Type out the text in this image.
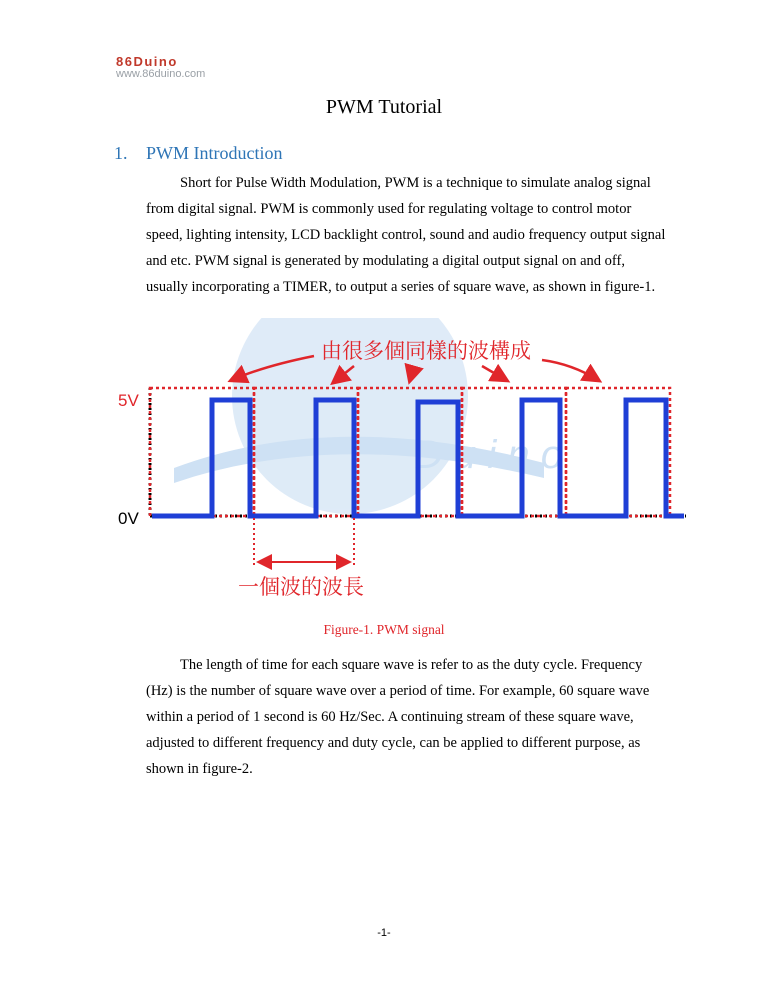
86Duino
www.86duino.com
PWM Tutorial
1. PWM Introduction

Short for Pulse Width Modulation, PWM is a technique to simulate analog signal from digital signal. PWM is commonly used for regulating voltage to control motor speed, lighting intensity, LCD backlight control, sound and audio frequency output signal and etc. PWM signal is generated by modulating a digital output signal on and off, usually incorporating a TIMER, to output a series of square wave, as shown in figure-1.

D u i n o
由很多個同樣的波構成
5V
0V
一個波的波長
Figure-1. PWM signal

The length of time for each square wave is refer to as the duty cycle. Frequency (Hz) is the number of square wave over a period of time. For example, 60 square wave within a period of 1 second is 60 Hz/Sec. A continuing stream of these square wave, adjusted to different frequency and duty cycle, can be applied to different purpose, as shown in figure-2.

-1-
